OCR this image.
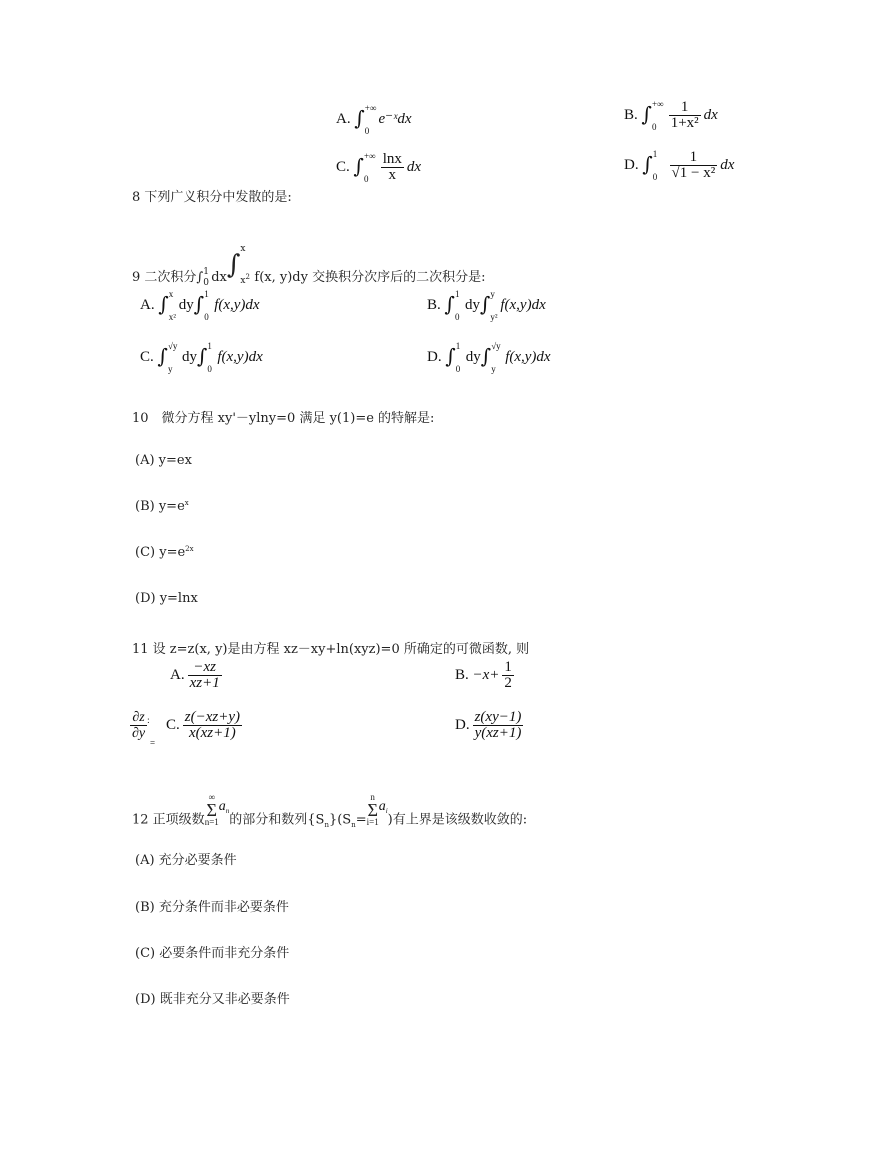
A. ∫ +∞
0
e⁻ˣdx	B. ∫ +∞
0
$\frac{1}{\text{1+x²}}$ dx
C. ∫ +∞
0
$\frac{\ln x}{x}$ dx	D. ∫ 1
0
$\frac{1}{\text{√1 − x²}}$ dx
8 下列广义积分中发散的是:
9 二次积分∫ 1
0 dx∫
x
$x^2$ f(x, y)dy 交换积分次序后的二次积分是:
A. ∫ x
x²
dy∫ 1
0
f(x,y)dx	B. ∫ 1
0
dy∫ y
y²
f(x,y)dx
C. ∫ √y
y
dy∫ 1
0
f(x,y)dx	D. ∫ 1
0
dy∫ √y
y
f(x,y)dx
10　微分方程 xy'－ylny=0 满足 y(1)=e 的特解是:
(A) y=ex
(B) $y=e^x$
(C) $y=e^{2x}$
(D) y=lnx
11 设 z=z(x, y)是由方程 xz－xy+ln(xyz)=0 所确定的可微函数, 则
A. $\frac{-xz}{xz+1}$	B. $-x+ \frac{1}{2}$
$\frac{\partial z}{\partial y} ^:$
=
C. $\frac{z(-xz+y)}{x(xz+1)}$	D. $\frac{z(xy-1)}{y(xz+1)}$
12 正项级数∞
Σ
$n=1a_n$的部分和数列$\{S_n\}(S_n=n$
Σ
$i=1a_i$)有上界是该级数收敛的:
(A) 充分必要条件
(B) 充分条件而非必要条件
(C) 必要条件而非充分条件
(D) 既非充分又非必要条件
